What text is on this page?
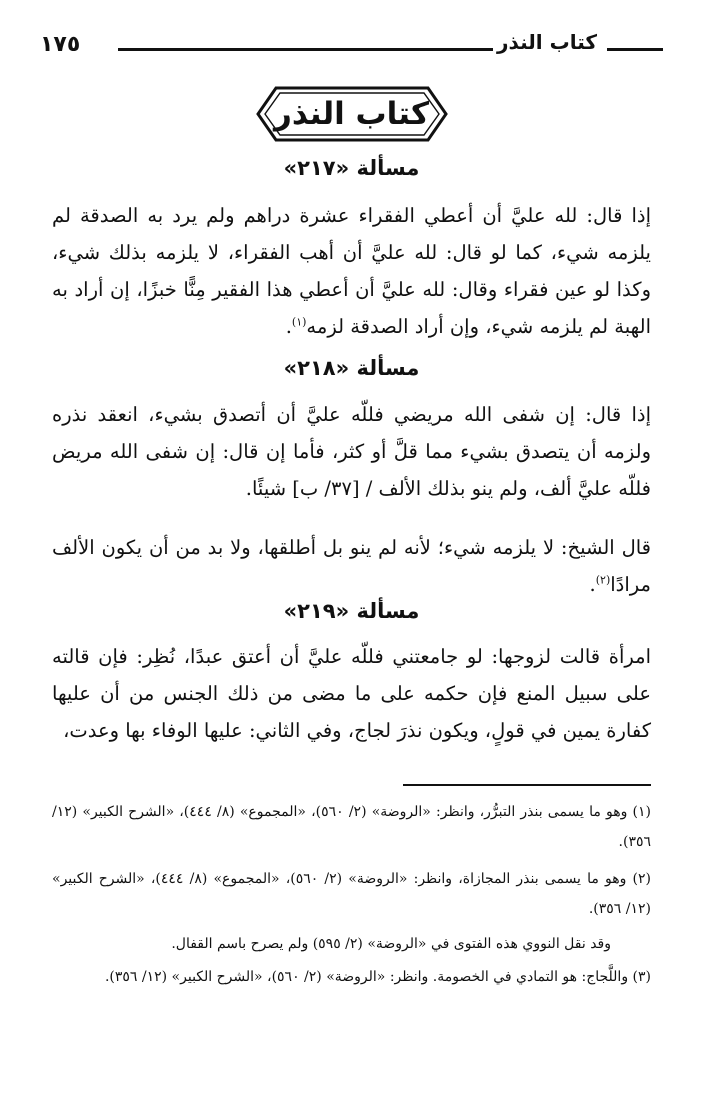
١٧٥	كتاب النذر
كتاب النذر
مسألة «٢١٧»
إذا قال: لله عليَّ أن أعطي الفقراء عشرة دراهم ولم يرد به الصدقة لم يلزمه شيء، كما لو قال: لله عليَّ أن أهب الفقراء، لا يلزمه بذلك شيء، وكذا لو عين فقراء وقال: لله عليَّ أن أعطي هذا الفقير مِنًّا خبزًا، إن أراد به الهبة لم يلزمه شيء، وإن أراد الصدقة لزمه$^{(١)}$.
مسألة «٢١٨»
إذا قال: إن شفى الله مريضي فللّه عليَّ أن أتصدق بشيء، انعقد نذره ولزمه أن يتصدق بشيء مما قلَّ أو كثر، فأما إن قال: إن شفى الله مريض فللّه عليَّ ألف، ولم ينو بذلك الألف / [٣٧/ ب] شيئًا.
قال الشيخ: لا يلزمه شيء؛ لأنه لم ينو بل أطلقها، ولا بد من أن يكون الألف مرادًا$^{(٢)}$.
مسألة «٢١٩»
امرأة قالت لزوجها: لو جامعتني فللّه عليَّ أن أعتق عبدًا، نُظِر: فإن قالته على سبيل المنع فإن حكمه على ما مضى من ذلك الجنس من أن عليها كفارة يمين في قولٍ، ويكون نذرَ لجاج، وفي الثاني: عليها الوفاء بها وعدت،
(١) وهو ما يسمى بنذر التبرُّر، وانظر: «الروضة» (٢/ ٥٦٠)، «المجموع» (٨/ ٤٤٤)، «الشرح الكبير» (١٢/ ٣٥٦).
(٢) وهو ما يسمى بنذر المجازاة، وانظر: «الروضة» (٢/ ٥٦٠)، «المجموع» (٨/ ٤٤٤)، «الشرح الكبير» (١٢/ ٣٥٦).
وقد نقل النووي هذه الفتوى في «الروضة» (٢/ ٥٩٥) ولم يصرح باسم القفال.
(٣) واللَّجاج: هو التمادي في الخصومة. وانظر: «الروضة» (٢/ ٥٦٠)، «الشرح الكبير» (١٢/ ٣٥٦).
